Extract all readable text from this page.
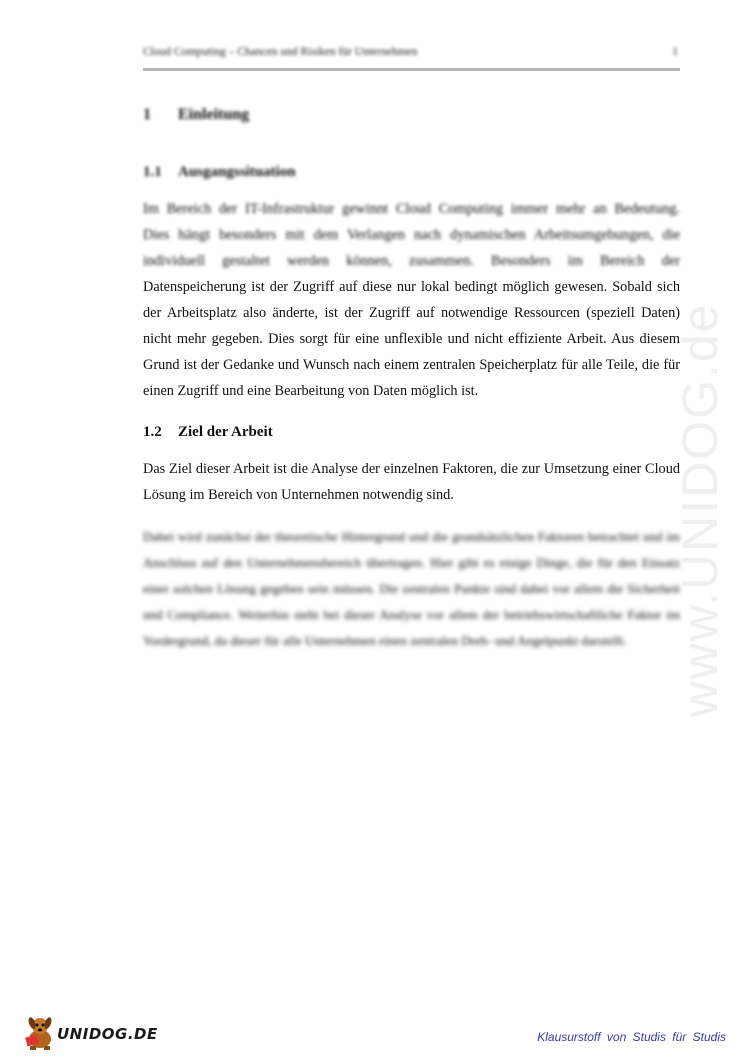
Cloud Computing – Chancen und Risiken für Unternehmen	1
1 Einleitung
1.1 Ausgangssituation
Im Bereich der IT-Infrastruktur gewinnt Cloud Computing immer mehr an Bedeutung.
Dies hängt besonders mit dem Verlangen nach dynamischen Arbeitsumgebungen, die
individuell gestaltet werden können, zusammen. Besonders im Bereich der
Datenspeicherung ist der Zugriff auf diese nur lokal bedingt möglich gewesen. Sobald sich der Arbeitsplatz also änderte, ist der Zugriff auf notwendige Ressourcen (speziell Daten) nicht mehr gegeben. Dies sorgt für eine unflexible und nicht effiziente Arbeit. Aus diesem Grund ist der Gedanke und Wunsch nach einem zentralen Speicherplatz für alle Teile, die für einen Zugriff und eine Bearbeitung von Daten möglich ist.
1.2 Ziel der Arbeit
Das Ziel dieser Arbeit ist die Analyse der einzelnen Faktoren, die zur Umsetzung einer Cloud Lösung im Bereich von Unternehmen notwendig sind.
Dabei wird zunächst der theoretische Hintergrund und die grundsätzlichen Faktoren betrachtet und im Anschluss auf den Unternehmensbereich übertragen. Hier gibt es einige Dinge, die für den Einsatz einer solchen Lösung gegeben sein müssen. Die zentralen Punkte sind dabei vor allem die Sicherheit und Compliance. Weiterhin steht bei dieser Analyse vor allem der betriebswirtschaftliche Faktor im Vordergrund, da dieser für alle Unternehmen einen zentralen Dreh- und Angelpunkt darstellt. www.UNIDOG.de
UNIDOG.DE	Klausurstoff von Studis für Studis
